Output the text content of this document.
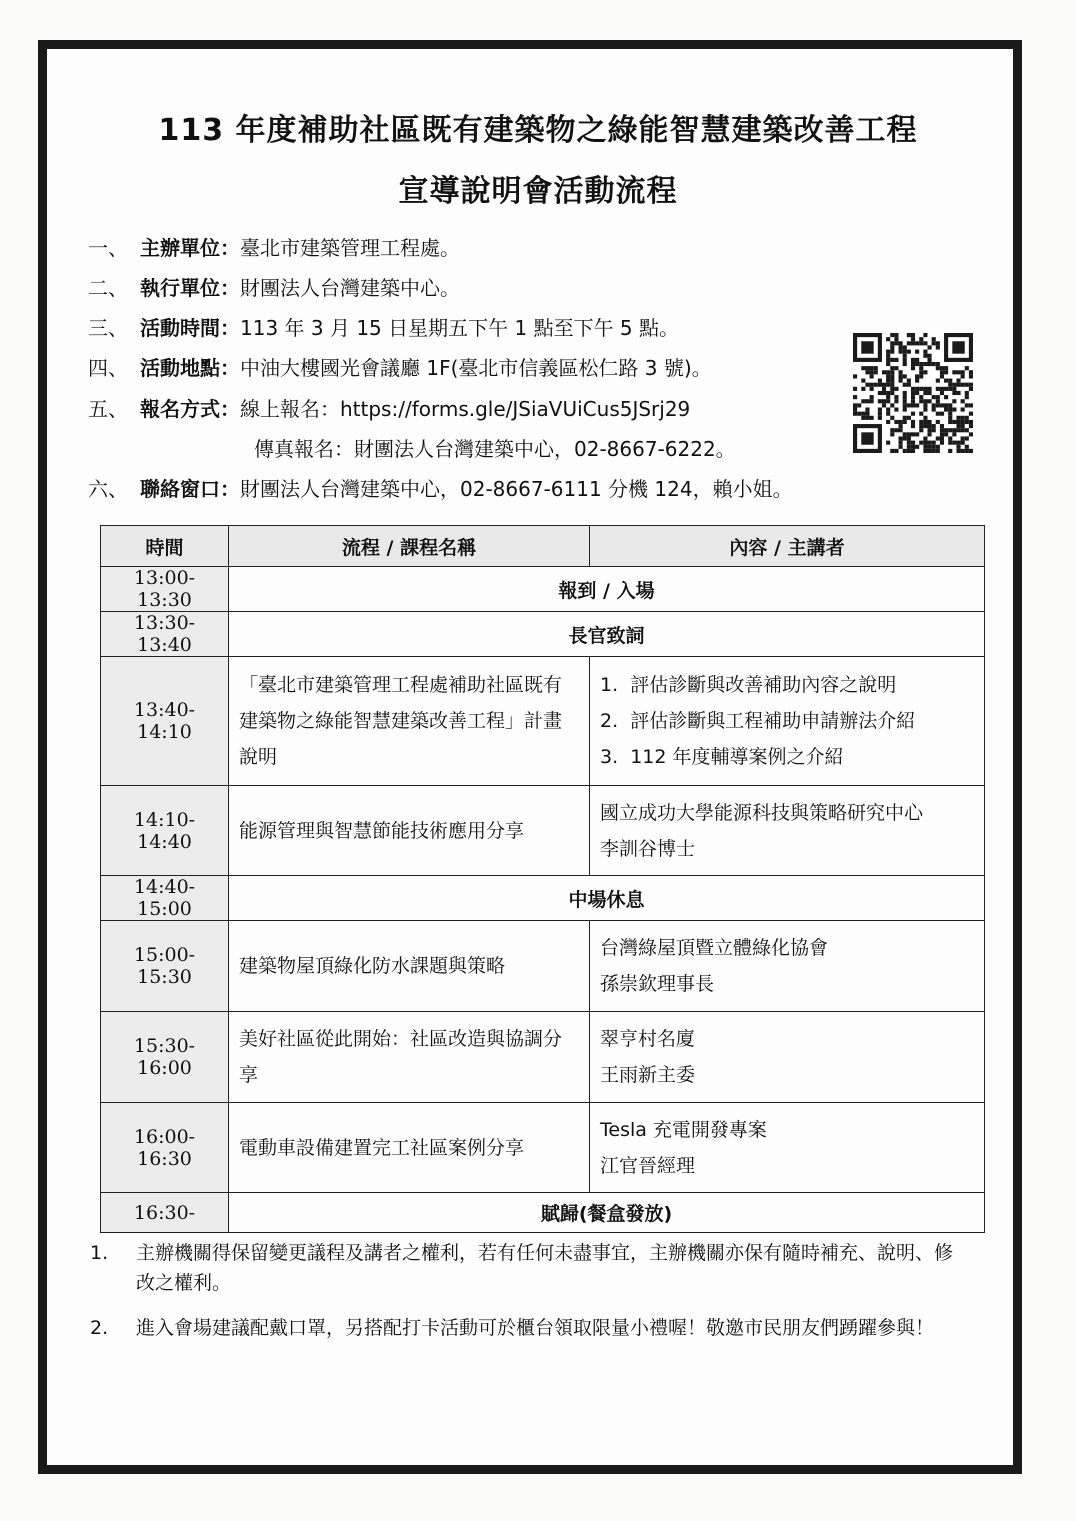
113 年度補助社區既有建築物之綠能智慧建築改善工程
宣導說明會活動流程
一、 主辦單位：臺北市建築管理工程處。
二、 執行單位：財團法人台灣建築中心。
三、 活動時間：113 年 3 月 15 日星期五下午 1 點至下午 5 點。
四、 活動地點：中油大樓國光會議廳 1F(臺北市信義區松仁路 3 號)。
五、 報名方式：線上報名：https://forms.gle/JSiaVUiCus5JSrj29
傳真報名：財團法人台灣建築中心，02-8667-6222。
六、 聯絡窗口：財團法人台灣建築中心，02-8667-6111 分機 124，賴小姐。
時間	流程 / 課程名稱	內容 / 主講者
13:00-13:30	報到 / 入場	
13:30-13:40	長官致詞	
13:40-14:10	「臺北市建築管理工程處補助社區既有建築物之綠能智慧建築改善工程」計畫說明	1.  評估診斷與改善補助內容之說明
2.  評估診斷與工程補助申請辦法介紹
3.  112 年度輔導案例之介紹

14:10-14:40	能源管理與智慧節能技術應用分享	國立成功大學能源科技與策略研究中心
李訓谷博士

14:40-15:00	中場休息	
15:00-15:30	建築物屋頂綠化防水課題與策略	台灣綠屋頂暨立體綠化協會
孫崇欽理事長

15:30-16:00	美好社區從此開始：社區改造與協調分享	翠亨村名廈
王雨新主委

16:00-16:30	電動車設備建置完工社區案例分享	Tesla 充電開發專案
江官晉經理

16:30-	賦歸(餐盒發放)	
1. 主辦機關得保留變更議程及講者之權利，若有任何未盡事宜，主辦機關亦保有隨時補充、說明、修改之權利。
2. 進入會場建議配戴口罩，另搭配打卡活動可於櫃台領取限量小禮喔！敬邀市民朋友們踴躍參與！
